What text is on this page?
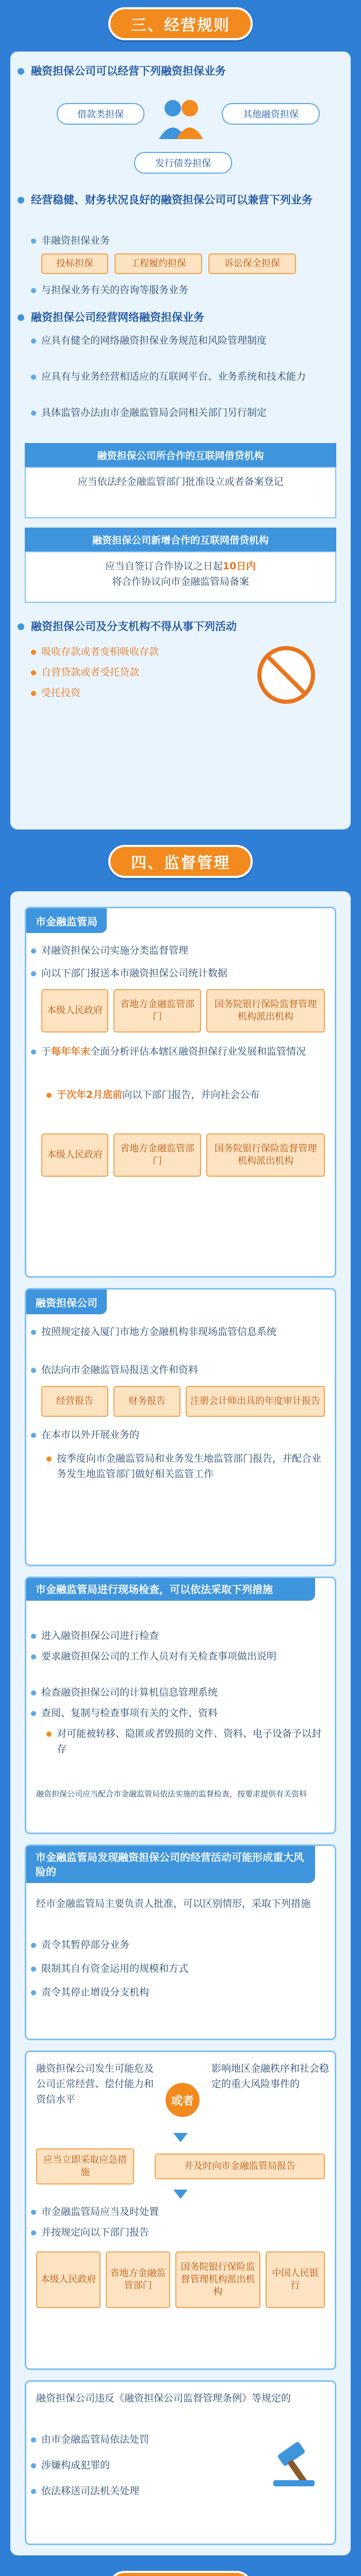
三、经营规则
融资担保公司可以经营下列融资担保业务
借款类担保
发行债券担保
其他融资担保
经营稳健、财务状况良好的融资担保公司可以兼营下列业务
非融资担保业务
投标担保	工程履约担保	诉讼保全担保
与担保业务有关的咨询等服务业务
融资担保公司经营网络融资担保业务
应具有健全的网络融资担保业务规范和风险管理制度
应具有与业务经营相适应的互联网平台、业务系统和技术能力
具体监管办法由市金融监管局会同相关部门另行制定
融资担保公司所合作的互联网借贷机构
应当依法经金融监管部门批准设立或者备案登记
融资担保公司新增合作的互联网借贷机构
应当自签订合作协议之日起10日内
将合作协议向市金融监管局备案
融资担保公司及分支机构不得从事下列活动
吸收存款或者变相吸收存款
自营贷款或者受托贷款
受托投资
四、监督管理
市金融监管局
对融资担保公司实施分类监督管理
向以下部门报送本市融资担保公司统计数据
本级人民政府
省地方金融监管部门
国务院银行保险监督管理机构派出机构
于每年年末全面分析评估本辖区融资担保行业发展和监管情况
于次年2月底前向以下部门报告，并向社会公布
本级人民政府
省地方金融监管部门
国务院银行保险监督管理机构派出机构
融资担保公司
按照规定接入厦门市地方金融机构非现场监管信息系统
依法向市金融监管局报送文件和资料
经营报告	财务报告	注册会计师出具的年度审计报告
在本市以外开展业务的
按季度向市金融监管局和业务发生地监管部门报告，并配合业务发生地监管部门做好相关监管工作
市金融监管局进行现场检查，可以依法采取下列措施
进入融资担保公司进行检查
要求融资担保公司的工作人员对有关检查事项做出说明
检查融资担保公司的计算机信息管理系统
查阅、复制与检查事项有关的文件、资料
对可能被转移、隐匿或者毁损的文件、资料、电子设备予以封存
融资担保公司应当配合市金融监管局依法实施的监督检查，按要求提供有关资料
市金融监管局发现融资担保公司的经营活动可能形成重大风险的
经市金融监管局主要负责人批准，可以区别情形，采取下列措施
责令其暂停部分业务
限制其自有资金运用的规模和方式
责令其停止增设分支机构
融资担保公司发生可能危及公司正常经营、偿付能力和资信水平	或者
影响地区金融秩序和社会稳定的重大风险事件的
应当立即采取应急措施
并及时向市金融监管局报告
市金融监管局应当及时处置
并按规定向以下部门报告
本级人民政府
省地方金融监管部门
国务院银行保险监督管理机构派出机构
中国人民银行
融资担保公司违反《融资担保公司监督管理条例》等规定的
由市金融监管局依法处罚
涉嫌构成犯罪的
依法移送司法机关处理
